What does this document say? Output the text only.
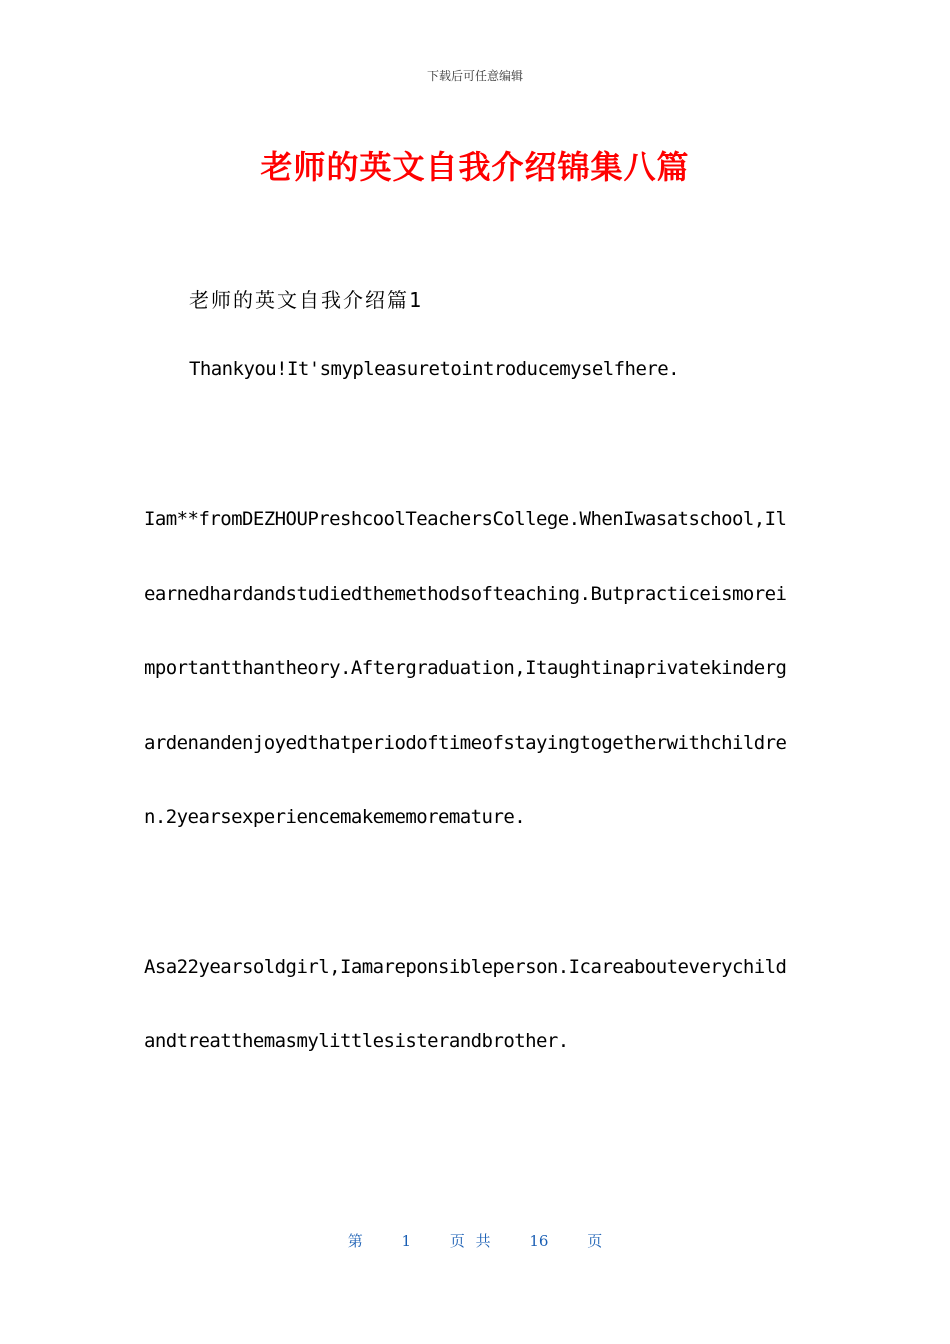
下载后可任意编辑
老师的英文自我介绍锦集八篇
老师的英文自我介绍篇1
Thankyou!It'smypleasuretointroducemyselfhere.
Iam**fromDEZHOUPreshcoolTeachersCollege.WhenIwasatschool,Il
earnedhardandstudiedthemethodsofteaching.Butpracticeismorei
mportantthantheory.Aftergraduation,Itaughtinaprivatekinderg
ardenandenjoyedthatperiodoftimeofstayingtogetherwithchildre
n.2yearsexperiencemakememoremature.
Asa22yearsoldgirl,Iamareponsibleperson.Icareabouteverychild
andtreatthemasmylittlesisterandbrother.
第	1	页 共	16	页
